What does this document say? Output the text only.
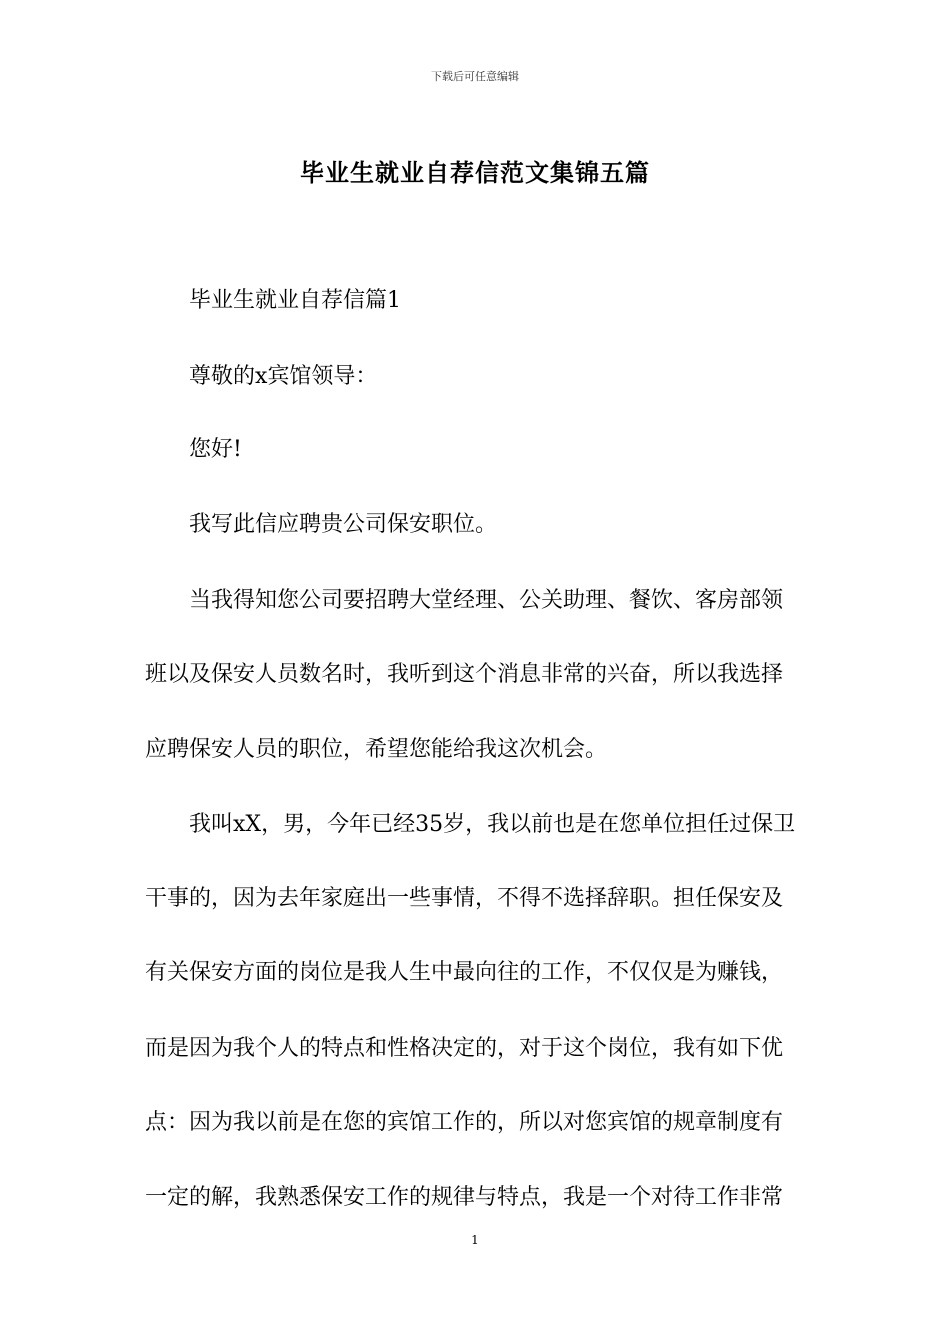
下载后可任意编辑
毕业生就业自荐信范文集锦五篇
毕业生就业自荐信篇1
尊敬的x宾馆领导：
您好!
我写此信应聘贵公司保安职位。
当我得知您公司要招聘大堂经理、公关助理、餐饮、客房部领
班以及保安人员数名时，我听到这个消息非常的兴奋，所以我选择
应聘保安人员的职位，希望您能给我这次机会。
我叫xX，男，今年已经35岁，我以前也是在您单位担任过保卫
干事的，因为去年家庭出一些事情，不得不选择辞职。担任保安及
有关保安方面的岗位是我人生中最向往的工作，不仅仅是为赚钱，
而是因为我个人的特点和性格决定的，对于这个岗位，我有如下优
点：因为我以前是在您的宾馆工作的，所以对您宾馆的规章制度有
一定的解，我熟悉保安工作的规律与特点，我是一个对待工作非常
1
